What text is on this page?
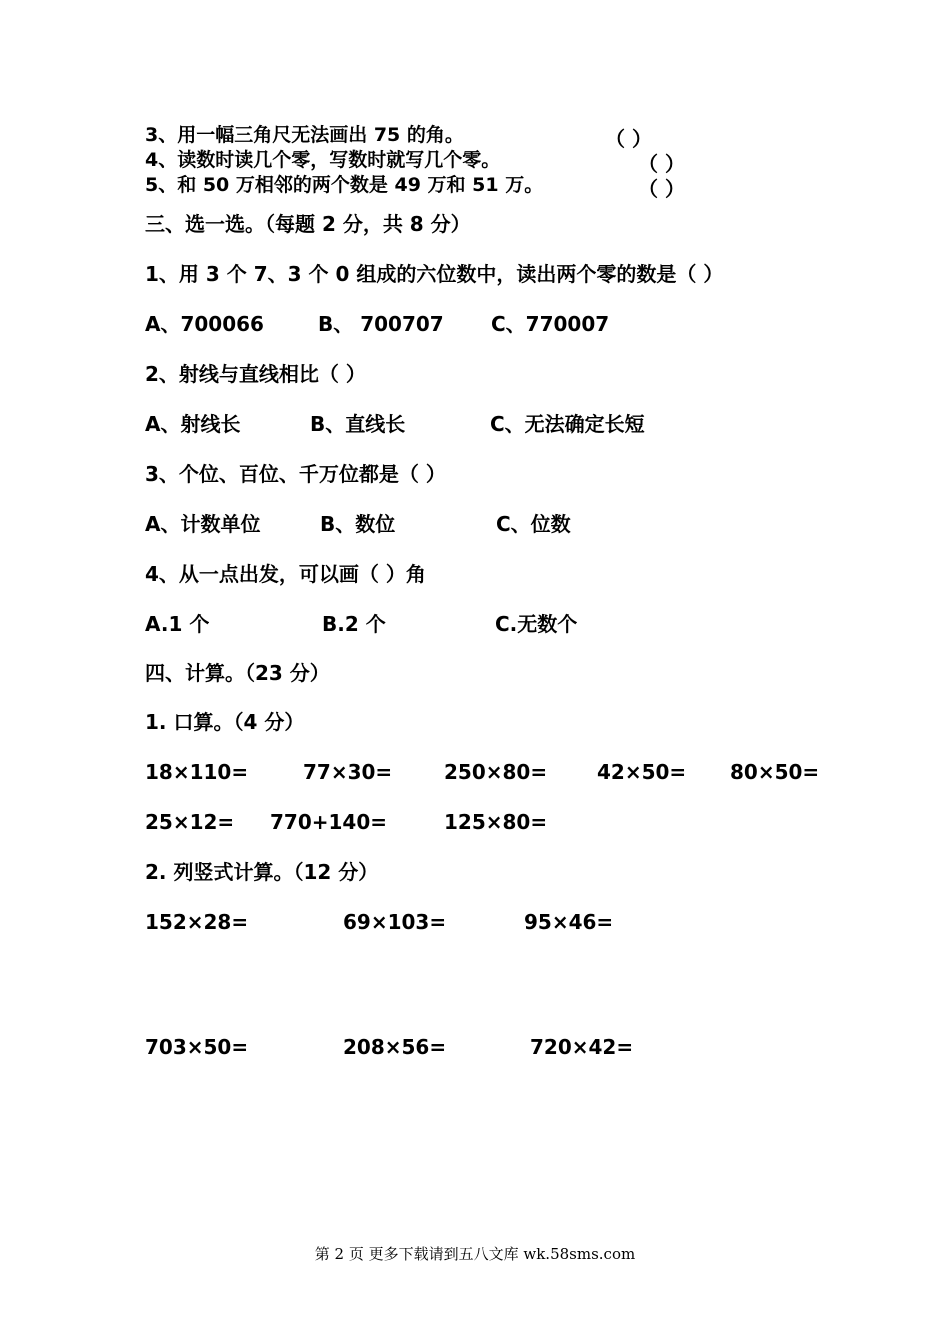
3、用一幅三角尺无法画出 75 的角。	（ ）
4、读数时读几个零，写数时就写几个零。	（ ）
5、和 50 万相邻的两个数是 49 万和 51 万。	（ ）
三、选一选。（每题 2 分，共 8 分）
1、用 3 个 7、3 个 0 组成的六位数中，读出两个零的数是（ ）
A、700066	B、 700707 C、770007
2、射线与直线相比（ ）
A、射线长	B、直线长	C、无法确定长短
3、个位、百位、千万位都是（ ）
A、计数单位	B、数位	C、位数
4、从一点出发，可以画（ ）角
A.1 个	B.2 个	C.无数个
四、计算。（23 分）
1. 口算。（4 分）
18×110=	77×30=	250×80= 42×50= 80×50=
25×12= 770+140=	125×80=
2. 列竖式计算。（12 分）
152×28=	69×103=	95×46=
703×50=	208×56=	720×42=
第 2 页 更多下载请到五八文库 wk.58sms.com
